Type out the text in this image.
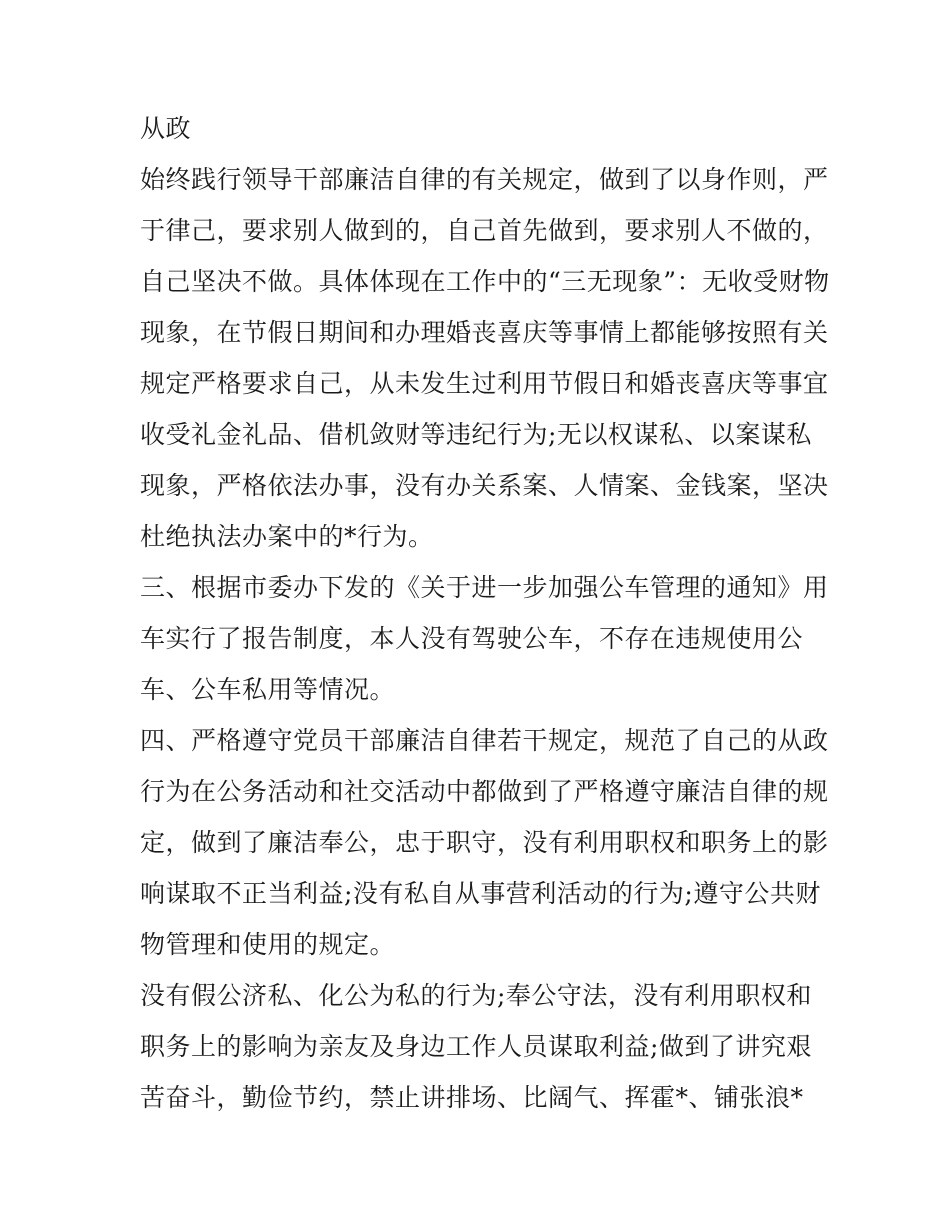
从政
始终践行领导干部廉洁自律的有关规定，做到了以身作则，严
于律己，要求别人做到的，自己首先做到，要求别人不做的，
自己坚决不做。具体体现在工作中的“三无现象”：无收受财物
现象，在节假日期间和办理婚丧喜庆等事情上都能够按照有关
规定严格要求自己，从未发生过利用节假日和婚丧喜庆等事宜
收受礼金礼品、借机敛财等违纪行为;无以权谋私、以案谋私
现象，严格依法办事，没有办关系案、人情案、金钱案，坚决
杜绝执法办案中的*行为。
三、根据市委办下发的《关于进一步加强公车管理的通知》用
车实行了报告制度，本人没有驾驶公车，不存在违规使用公
车、公车私用等情况。
四、严格遵守党员干部廉洁自律若干规定，规范了自己的从政
行为在公务活动和社交活动中都做到了严格遵守廉洁自律的规
定，做到了廉洁奉公，忠于职守，没有利用职权和职务上的影
响谋取不正当利益;没有私自从事营利活动的行为;遵守公共财
物管理和使用的规定。
没有假公济私、化公为私的行为;奉公守法，没有利用职权和
职务上的影响为亲友及身边工作人员谋取利益;做到了讲究艰
苦奋斗，勤俭节约，禁止讲排场、比阔气、挥霍*、铺张浪*
